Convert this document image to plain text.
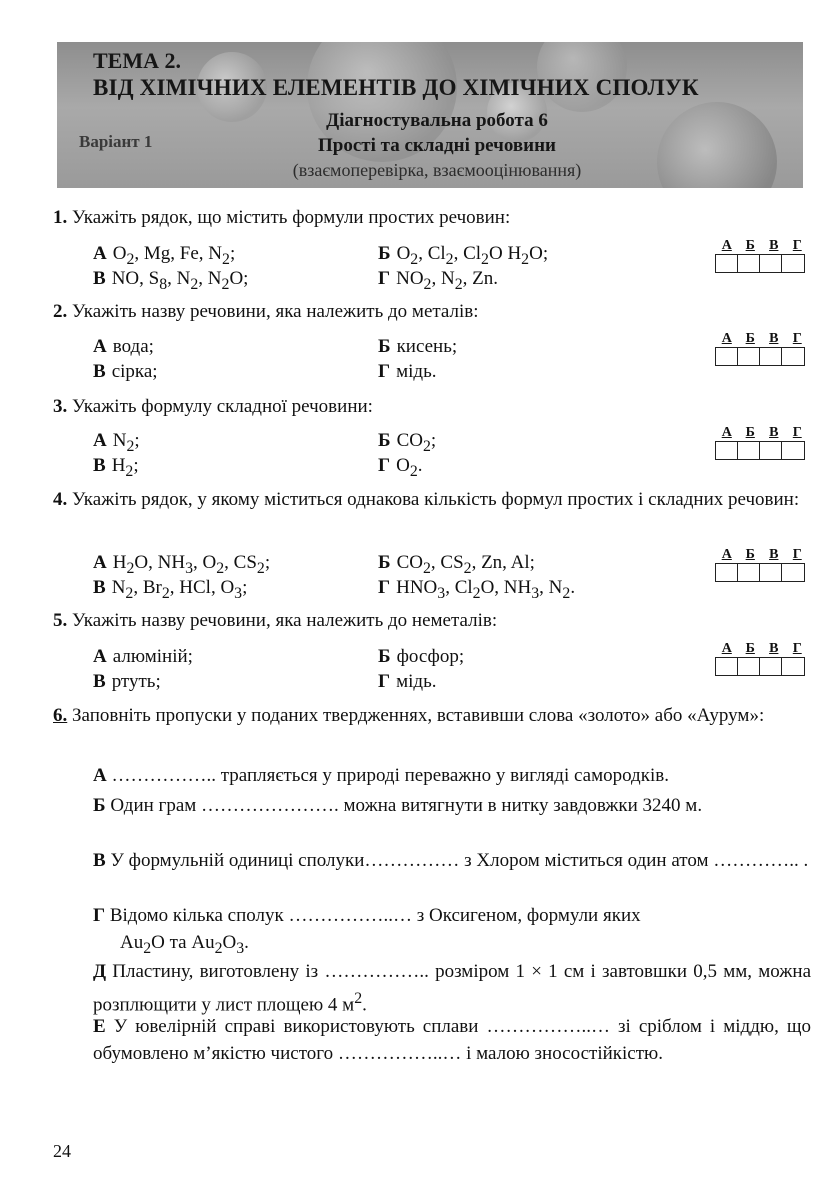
ТЕМА 2.
ВІД ХІМІЧНИХ ЕЛЕМЕНТІВ ДО ХІМІЧНИХ СПОЛУК
Варіант 1
Діагностувальна робота 6
Прості та складні речовини
(взаємоперевірка, взаємооцінювання)
1. Укажіть рядок, що містить формули простих речовин:
А $O_2$, Mg, Fe, $N_2$;	Б $O_2$, $Cl_2$, $Cl_2O$ $H_2O$;
В NO, $S_8$, $N_2$, $N_2O$;	Г $NO_2$, $N_2$, Zn.
А Б	В	Г
2. Укажіть назву речовини, яка належить до металів:
А вода;	Б кисень;
В сірка;	Г мідь.
А Б	В	Г
3. Укажіть формулу складної речовини:
А $N_2$;	Б $CO_2$;
В $H_2$;	Г $O_2$.
А Б	В	Г
4. Укажіть рядок, у якому міститься однакова кількість формул простих і складних речовин:
А $H_2O$, $NH_3$, $O_2$, $CS_2$;	Б $CO_2$, $CS_2$, Zn, Al;
В $N_2$, $Br_2$, HCl, $O_3$;	Г $HNO_3$, $Cl_2O$, $NH_3$, $N_2$.
А Б	В	Г
5. Укажіть назву речовини, яка належить до неметалів:
А алюміній;	Б фосфор;
В ртуть;	Г мідь.
А Б	В	Г
6. Заповніть пропуски у поданих твердженнях, вставивши слова «золото» або «Аурум»:
А …………….. трапляється у природі переважно у вигляді самородків.
Б Один грам …………………. можна витягнути в нитку завдовжки 3240 м.
В У формульній одиниці сполуки…………… з Хлором міститься один атом ………….. .
Г Відомо кілька сполук ……………..… з Оксигеном, формули яких
$Au_2O$ та $Au_2O_3$.
Д Пластину, виготовлену із …………….. розміром 1 × 1 см і завтовшки 0,5 мм, можна розплющити у лист площею 4 $м^2$.
Е У ювелірній справі використовують сплави ……………..… зі сріблом і міддю, що обумовлено м’якістю чистого ……………..… і малою зносостійкістю.
24
